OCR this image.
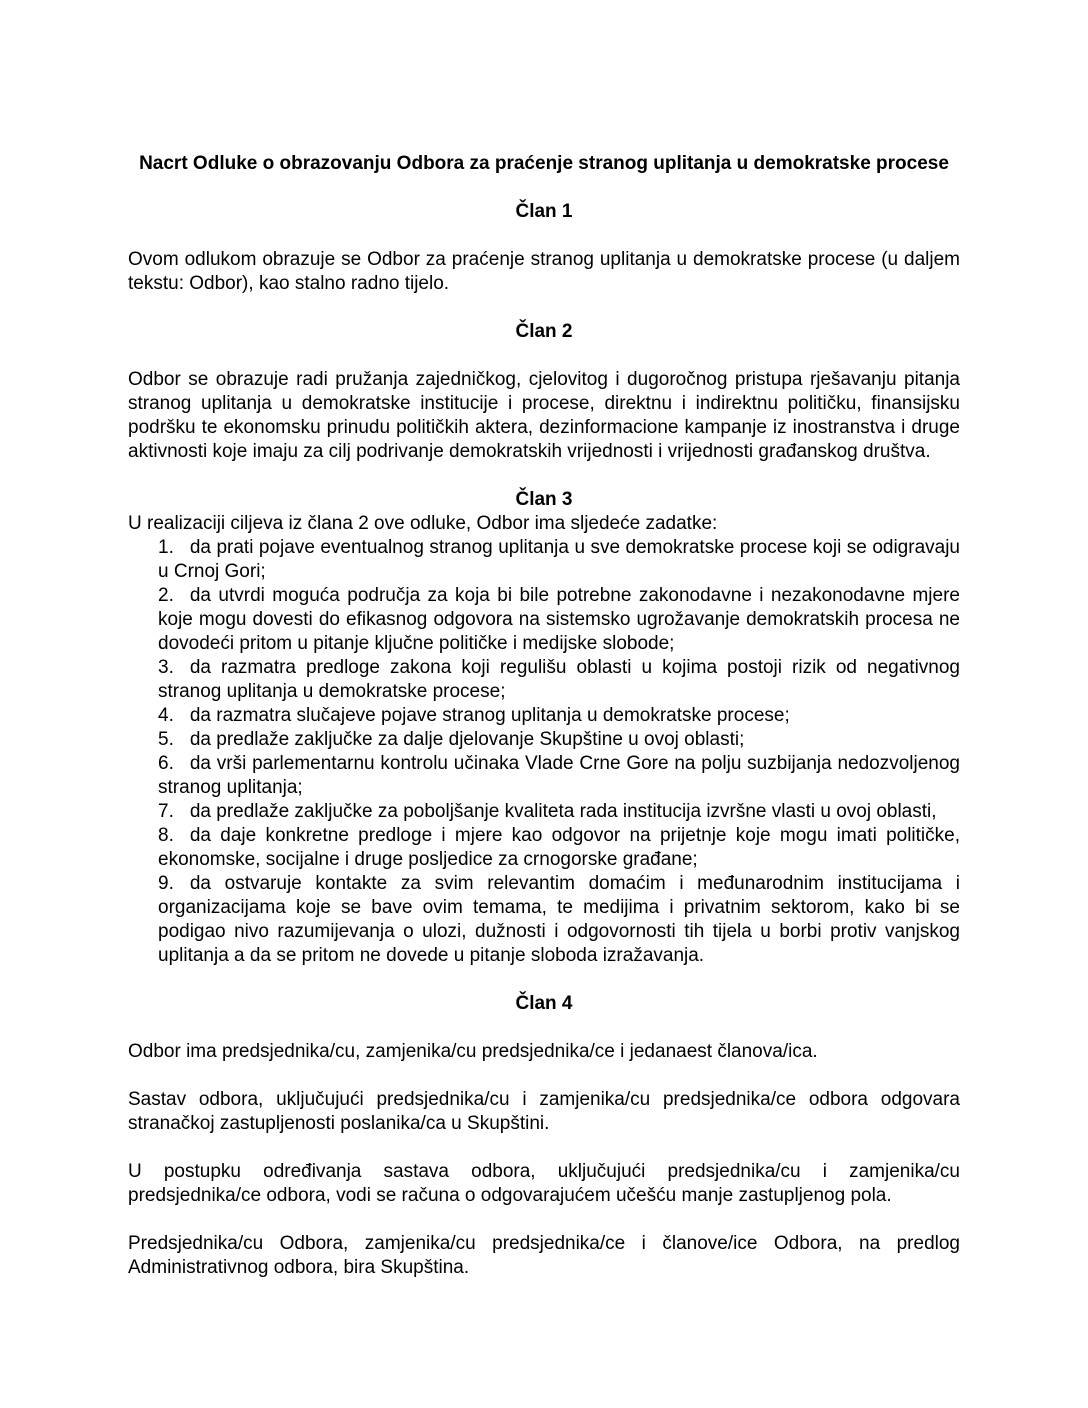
Nacrt Odluke o obrazovanju Odbora za praćenje stranog uplitanja u demokratske procese
Član 1

Ovom odlukom obrazuje se Odbor za praćenje stranog uplitanja u demokratske procese (u daljem tekstu: Odbor), kao stalno radno tijelo.

Član 2

Odbor se obrazuje radi pružanja zajedničkog, cjelovitog i dugoročnog pristupa rješavanju pitanja stranog uplitanja u demokratske institucije i procese, direktnu i indirektnu političku, finansijsku podršku te ekonomsku prinudu političkih aktera, dezinformacione kampanje iz inostranstva i druge aktivnosti koje imaju za cilj podrivanje demokratskih vrijednosti i vrijednosti građanskog društva.

Član 3

U realizaciji ciljeva iz člana 2 ove odluke, Odbor ima sljedeće zadatke:

1. da prati pojave eventualnog stranog uplitanja u sve demokratske procese koji se odigravaju u Crnoj Gori;
2. da utvrdi moguća područja za koja bi bile potrebne zakonodavne i nezakonodavne mjere koje mogu dovesti do efikasnog odgovora na sistemsko ugrožavanje demokratskih procesa ne dovodeći pritom u pitanje ključne političke i medijske slobode;
3. da razmatra predloge zakona koji regulišu oblasti u kojima postoji rizik od negativnog stranog uplitanja u demokratske procese;
4. da razmatra slučajeve pojave stranog uplitanja u demokratske procese;
5. da predlaže zaključke za dalje djelovanje Skupštine u ovoj oblasti;
6. da vrši parlementarnu kontrolu učinaka Vlade Crne Gore na polju suzbijanja nedozvoljenog stranog uplitanja;
7. da predlaže zaključke za poboljšanje kvaliteta rada institucija izvršne vlasti u ovoj oblasti,
8. da daje konkretne predloge i mjere kao odgovor na prijetnje koje mogu imati političke, ekonomske, socijalne i druge posljedice za crnogorske građane;
9. da ostvaruje kontakte za svim relevantim domaćim i međunarodnim institucijama i organizacijama koje se bave ovim temama, te medijima i privatnim sektorom, kako bi se podigao nivo razumijevanja o ulozi, dužnosti i odgovornosti tih tijela u borbi protiv vanjskog uplitanja a da se pritom ne dovede u pitanje sloboda izražavanja.
Član 4

Odbor ima predsjednika/cu, zamjenika/cu predsjednika/ce i jedanaest članova/ica.

Sastav odbora, uključujući predsjednika/cu i zamjenika/cu predsjednika/ce odbora odgovara stranačkoj zastupljenosti poslanika/ca u Skupštini.

U postupku određivanja sastava odbora, uključujući predsjednika/cu i zamjenika/cu predsjednika/ce odbora, vodi se računa o odgovarajućem učešću manje zastupljenog pola.

Predsjednika/cu Odbora, zamjenika/cu predsjednika/ce i članove/ice Odbora, na predlog Administrativnog odbora, bira Skupština.
